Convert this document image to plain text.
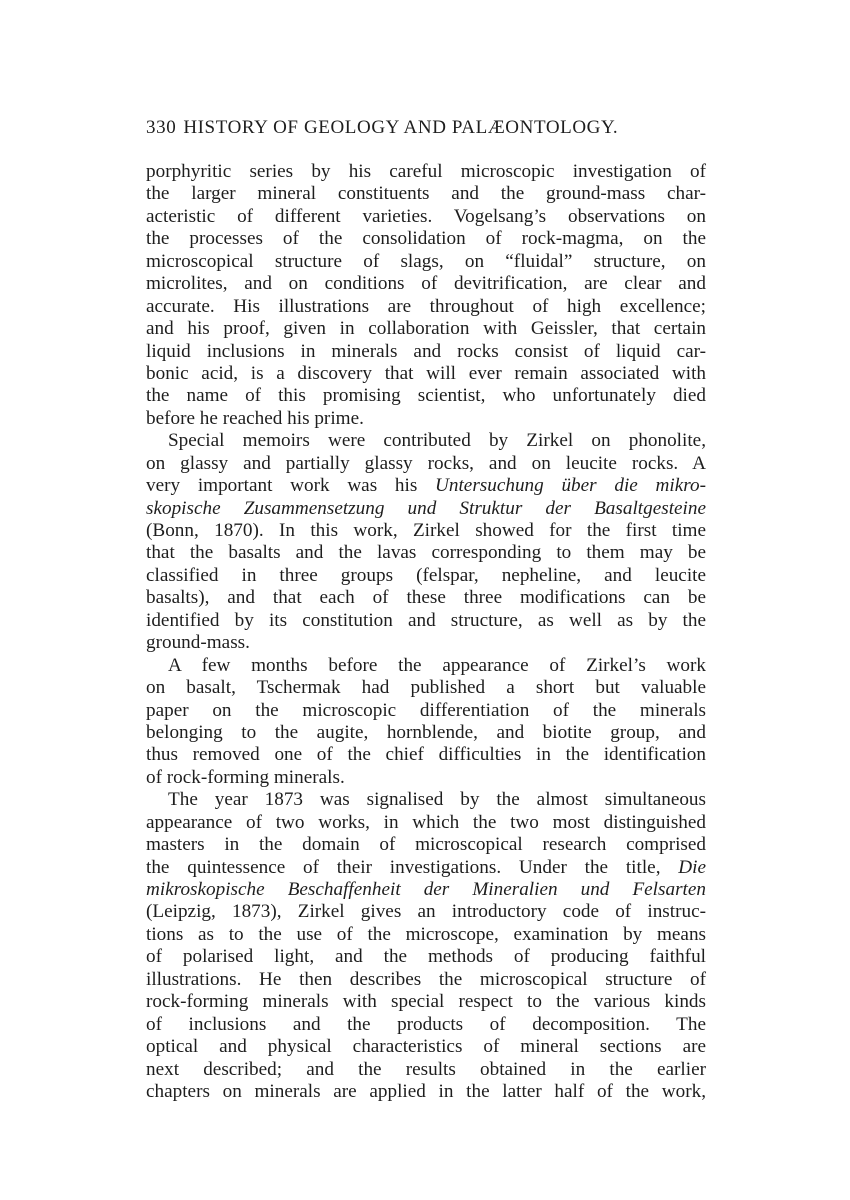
330 HISTORY OF GEOLOGY AND PALÆONTOLOGY.
porphyritic series by his careful microscopic investigation of
the larger mineral constituents and the ground-mass char-
acteristic of different varieties. Vogelsang’s observations on
the processes of the consolidation of rock-magma, on the
microscopical structure of slags, on “fluidal” structure, on
microlites, and on conditions of devitrification, are clear and
accurate. His illustrations are throughout of high excellence;
and his proof, given in collaboration with Geissler, that certain
liquid inclusions in minerals and rocks consist of liquid car-
bonic acid, is a discovery that will ever remain associated with
the name of this promising scientist, who unfortunately died
before he reached his prime.
Special memoirs were contributed by Zirkel on phonolite,
on glassy and partially glassy rocks, and on leucite rocks. A
very important work was his Untersuchung über die mikro-
skopische Zusammensetzung und Struktur der Basaltgesteine
(Bonn, 1870). In this work, Zirkel showed for the first time
that the basalts and the lavas corresponding to them may be
classified in three groups (felspar, nepheline, and leucite
basalts), and that each of these three modifications can be
identified by its constitution and structure, as well as by the
ground-mass.
A few months before the appearance of Zirkel’s work
on basalt, Tschermak had published a short but valuable
paper on the microscopic differentiation of the minerals
belonging to the augite, hornblende, and biotite group, and
thus removed one of the chief difficulties in the identification
of rock-forming minerals.
The year 1873 was signalised by the almost simultaneous
appearance of two works, in which the two most distinguished
masters in the domain of microscopical research comprised
the quintessence of their investigations. Under the title, Die
mikroskopische Beschaffenheit der Mineralien und Felsarten
(Leipzig, 1873), Zirkel gives an introductory code of instruc-
tions as to the use of the microscope, examination by means
of polarised light, and the methods of producing faithful
illustrations. He then describes the microscopical structure of
rock-forming minerals with special respect to the various kinds
of inclusions and the products of decomposition. The
optical and physical characteristics of mineral sections are
next described; and the results obtained in the earlier
chapters on minerals are applied in the latter half of the work,
